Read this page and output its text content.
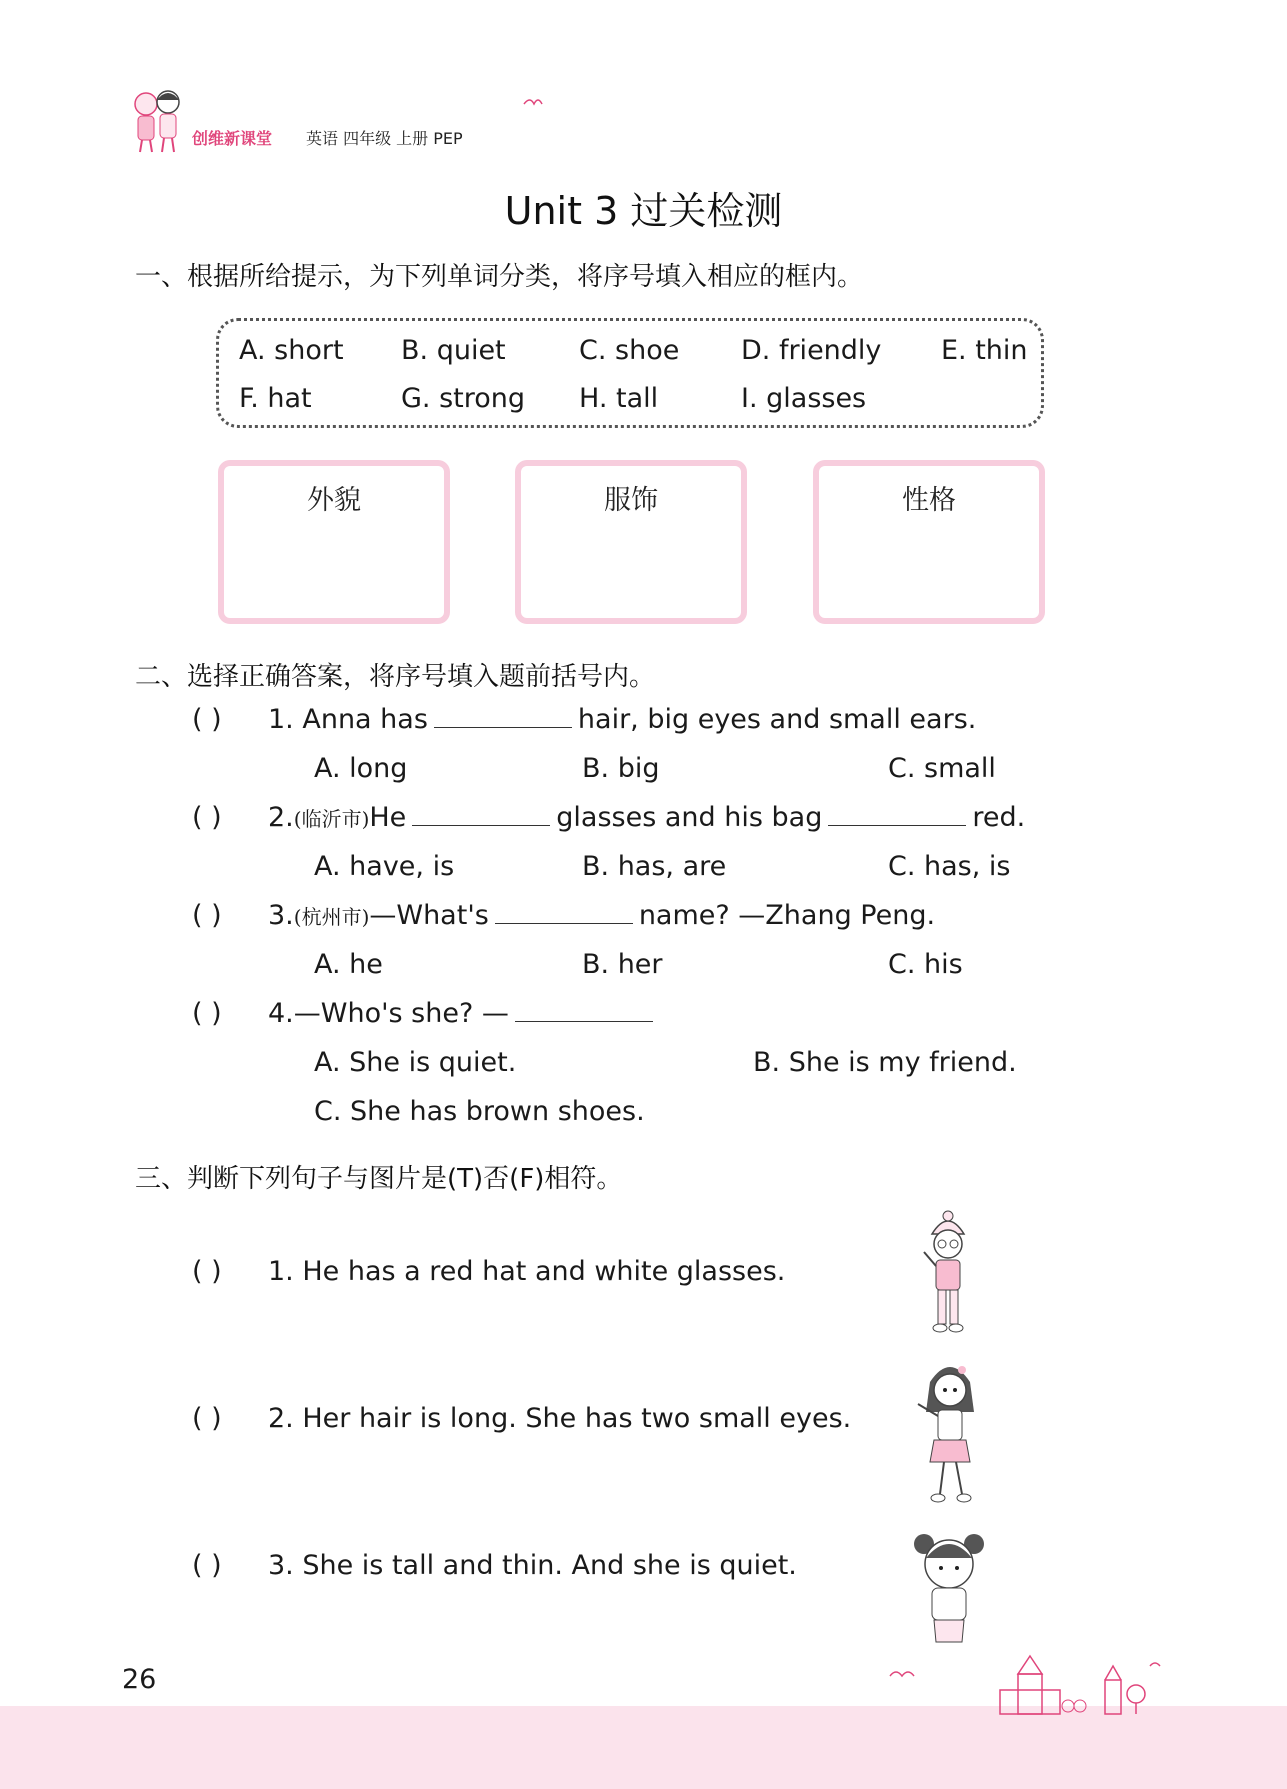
创维新课堂 英语 四年级 上册 PEP
Unit 3 过关检测
一、根据所给提示，为下列单词分类，将序号填入相应的框内。
A. short B. quiet	C. shoe D. friendly E. thin
F. hat	G. strong H. tall	I. glasses
外貌	服饰	性格
二、选择正确答案，将序号填入题前括号内。
( ) 1. Anna has	hair, big eyes and small ears.
A. long	B. big	C. small
( ) 2.(临沂市)He	glasses and his bag	red.
A. have, is	B. has, are	C. has, is
( ) 3.(杭州市)—What's	name? —Zhang Peng.
A. he	B. her	C. his
( ) 4.—Who's she? —
A. She is quiet.	B. She is my friend.
C. She has brown shoes.
三、判断下列句子与图片是(T)否(F)相符。
( ) 1. He has a red hat and white glasses.
( ) 2. Her hair is long. She has two small eyes.
( ) 3. She is tall and thin. And she is quiet.
26
